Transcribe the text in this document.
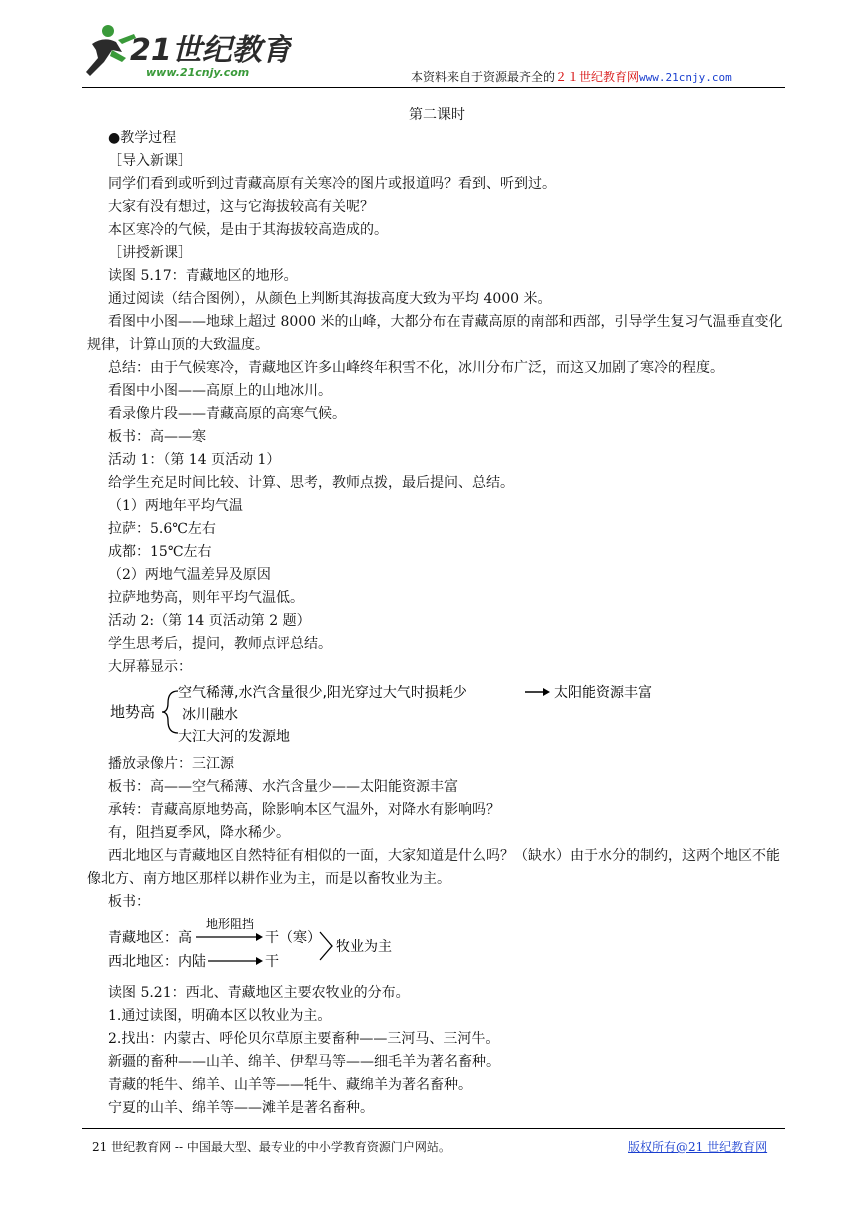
21世纪教育
www.21cnjy.com	本资料来自于资源最齐全的２１世纪教育网www.21cnjy.com

第二课时

●教学过程

［导入新课］

同学们看到或听到过青藏高原有关寒冷的图片或报道吗？看到、听到过。

大家有没有想过，这与它海拔较高有关呢？

本区寒冷的气候，是由于其海拔较高造成的。

［讲授新课］

读图 5.17：青藏地区的地形。

通过阅读（结合图例），从颜色上判断其海拔高度大致为平均 4000 米。

看图中小图——地球上超过 8000 米的山峰，大都分布在青藏高原的南部和西部，引导学生复习气温垂直变化规律，计算山顶的大致温度。

总结：由于气候寒冷，青藏地区许多山峰终年积雪不化，冰川分布广泛，而这又加剧了寒冷的程度。

看图中小图——高原上的山地冰川。

看录像片段——青藏高原的高寒气候。

板书：高——寒

活动 1：（第 14 页活动 1）

给学生充足时间比较、计算、思考，教师点拨，最后提问、总结。

（1）两地年平均气温

拉萨：5.6℃左右

成都：15℃左右

（2）两地气温差异及原因

拉萨地势高，则年平均气温低。

活动 2:（第 14 页活动第 2 题）

学生思考后，提问，教师点评总结。

大屏幕显示：

地势高
空气稀薄,水汽含量很少,阳光穿过大气时损耗少	太阳能资源丰富
冰川融水
大江大河的发源地

播放录像片：三江源

板书：高——空气稀薄、水汽含量少——太阳能资源丰富

承转：青藏高原地势高，除影响本区气温外，对降水有影响吗？

有，阻挡夏季风，降水稀少。

西北地区与青藏地区自然特征有相似的一面，大家知道是什么吗？（缺水）由于水分的制约，这两个地区不能像北方、南方地区那样以耕作业为主，而是以畜牧业为主。

板书：

青藏地区： 高
地形阻挡
干（寒）
西北地区： 内陆	干
牧业为主

读图 5.21：西北、青藏地区主要农牧业的分布。

1.通过读图，明确本区以牧业为主。

2.找出：内蒙古、呼伦贝尔草原主要畜种——三河马、三河牛。

新疆的畜种——山羊、绵羊、伊犁马等——细毛羊为著名畜种。

青藏的牦牛、绵羊、山羊等——牦牛、藏绵羊为著名畜种。

宁夏的山羊、绵羊等——滩羊是著名畜种。

21 世纪教育网 -- 中国最大型、最专业的中小学教育资源门户网站。	版权所有@21 世纪教育网
